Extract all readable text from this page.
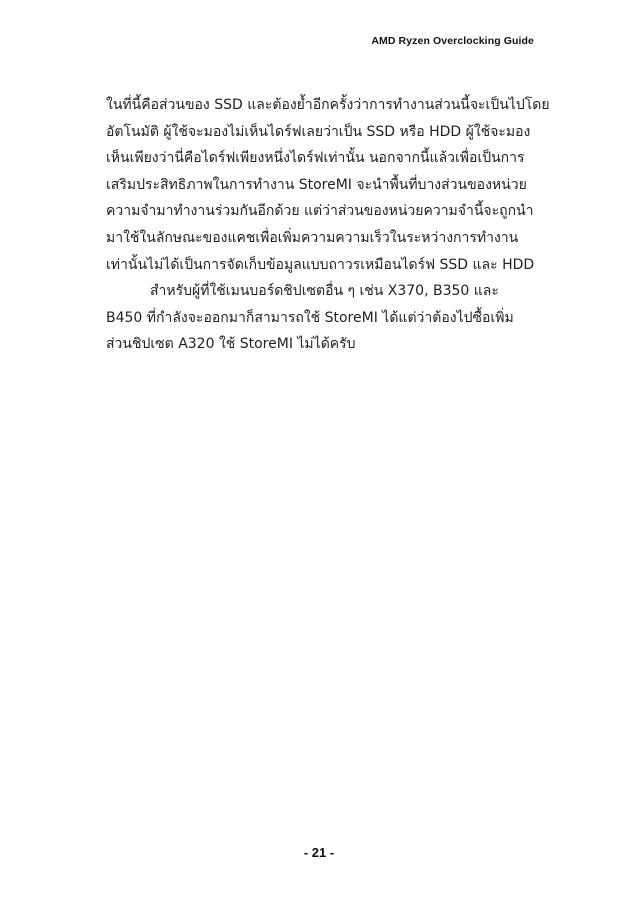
AMD Ryzen Overclocking Guide
ในที่นี้คือส่วนของ SSD และต้องย้ำอีกครั้งว่าการทำงานส่วนนี้จะเป็นไปโดย
อัตโนมัติ ผู้ใช้จะมองไม่เห็นไดร์ฟเลยว่าเป็น SSD หรือ HDD ผู้ใช้จะมอง
เห็นเพียงว่านี่คือไดร์ฟเพียงหนึ่งไดร์ฟเท่านั้น นอกจากนี้แล้วเพื่อเป็นการ
เสริมประสิทธิภาพในการทำงาน StoreMI จะนำพื้นที่บางส่วนของหน่วย
ความจำมาทำงานร่วมกันอีกด้วย แต่ว่าส่วนของหน่วยความจำนี้จะถูกนำ
มาใช้ในลักษณะของแคชเพื่อเพิ่มความความเร็วในระหว่างการทำงาน
เท่านั้นไม่ได้เป็นการจัดเก็บข้อมูลแบบถาวรเหมือนไดร์ฟ SSD และ HDD
สำหรับผู้ที่ใช้เมนบอร์ดชิปเซตอื่น ๆ เช่น X370, B350 และ
B450 ที่กำลังจะออกมาก็สามารถใช้ StoreMI ได้แต่ว่าต้องไปซื้อเพิ่ม
ส่วนชิปเซต A320 ใช้ StoreMI ไม่ได้ครับ
- 21 -
